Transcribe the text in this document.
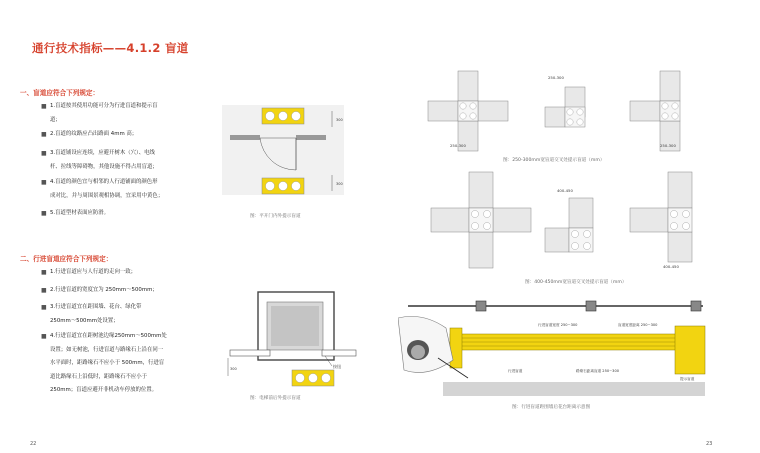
通行技术指标——4.1.2 盲道
一、盲道应符合下列规定：
■ 1.盲道按其使用功能可分为行进盲道和提示盲
道；
■ 2.盲道的纹路应凸出路面 4mm 高；
■ 3.盲道铺设应连续，应避开树木（穴）、电线
杆、拉线等障碍物，其他设施不得占用盲道；
■ 4.盲道的颜色宜与相邻的人行道铺面的颜色形
成对比，并与周围景观相协调，宜采用中黄色；
■ 5.盲道型材表面应防滑。
二、行进盲道应符合下列规定：
■ 1.行进盲道应与人行道的走向一致；
■ 2.行进盲道的宽度宜为 250mm～500mm；
■ 3.行进盲道宜在距围墙、花台、绿化带
250mm～500mm处设置；
■ 4.行进盲道宜在距树池边缘250mm～500mm处
设置；如无树池，行进盲道与路缘石上沿在同一
水平面时，距路缘石不应小于 500mm，行进盲
道比路缘石上沿低时，距路缘石不应小于
250mm；盲道应避开非机动车停放的位置。
300
300
图：平开门内外提示盲道
300	按钮
图：电梯前后外提示盲道
250-300
250-300
250-300
图：250-300mm宽盲道交叉处提示盲道（mm）
400-450
400-450
图：400-450mm宽盲道交叉处提示盲道（mm）
行进盲道宽度 250~300	盲道宽度距离 250~300
行进盲道	路缘石距离盲道 250~300
提示盲道
图：行进盲道距围墙后花台距离示意图
22	23
